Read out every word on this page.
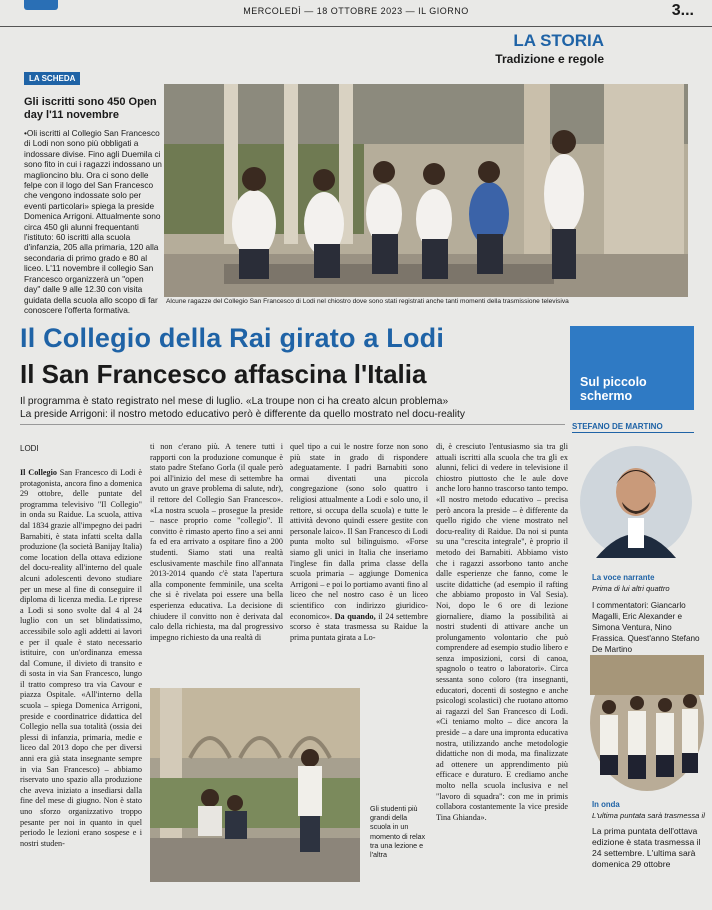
MERCOLEDÌ — 18 OTTOBRE 2023 — IL GIORNO	3...
LA STORIA
Tradizione e regole
LA SCHEDA
Gli iscritti sono 450 Open day l'11 novembre
•Oli iscritti al Collegio San Francesco di Lodi non sono più obbligati a indossare divise. Fino agli Duemila ci sono fito in cui i ragazzi indossano un maglioncino blu. Ora ci sono delle felpe con il logo del San Francesco che vengono indossate solo per eventi particolari» spiega la preside Domenica Arrigoni. Attualmente sono circa 450 gli alunni frequentanti l'istituto: 60 iscritti alla scuola d'infanzia, 205 alla primaria, 120 alla secondaria di primo grado e 80 al liceo. L'11 novembre il collegio San Francesco organizzerà un "open day" dalle 9 alle 12.30 con visita guidata della scuola allo scopo di far conoscere l'offerta formativa.
Alcune ragazze del Collegio San Francesco di Lodi nel chiostro dove sono stati registrati anche tanti momenti della trasmissione televisiva
Il Collegio della Rai girato a Lodi
Il San Francesco affascina l'Italia
Il programma è stato registrato nel mese di luglio. «La troupe non ci ha creato alcun problema»
La preside Arrigoni: il nostro metodo educativo però è differente da quello mostrato nel docu-reality
LODI
Il Collegio San Francesco di Lodi è protagonista, ancora fino a domenica 29 ottobre, delle puntate del programma televisivo "Il Collegio" in onda su Raidue. La scuola, attiva dal 1834 grazie all'impegno dei padri Barnabiti, è stata infatti scelta dalla produzione (la società Banijay Italia) come location della ottava edizione del docu-reality all'interno del quale alcuni adolescenti devono studiare per un mese al fine di conseguire il diploma di licenza media. Le riprese a Lodi si sono svolte dal 4 al 24 luglio con un set blindatissimo, accessibile solo agli addetti ai lavori e per il quale è stato necessario istituire, con un'ordinanza emessa dal Comune, il divieto di transito e di sosta in via San Francesco, lungo il tratto compreso tra via Cavour e piazza Ospitale. «All'interno della scuola – spiega Domenica Arrigoni, preside e coordinatrice didattica del Collegio nella sua totalità (ossia dei plessi di infanzia, primaria, medie e liceo dal 2013 dopo che per diversi anni era già stata insegnante sempre in via San Francesco) – abbiamo riservato uno spazio alla produzione che aveva iniziato a insediarsi dalla fine del mese di giugno. Non è stato uno sforzo organizzativo troppo pesante per noi in quanto in quel periodo le lezioni erano sospese e i nostri studen-
ti non c'erano più. A tenere tutti i rapporti con la produzione comunque è stato padre Stefano Gorla (il quale però poi all'inizio del mese di settembre ha avuto un grave problema di salute, ndr), il rettore del Collegio San Francesco». «La nostra scuola – prosegue la preside – nasce proprio come "collegio". Il convitto è rimasto aperto fino a sei anni fa ed era arrivato a ospitare fino a 200 studenti. Siamo stati una realtà esclusivamente maschile fino all'annata 2013-2014 quando c'è stata l'apertura alla componente femminile, una scelta che si è rivelata poi essere una bella esperienza educativa. La decisione di chiudere il convitto non è derivata dal calo della richiesta, ma dal progressivo impegno richiesto da una realtà di
quel tipo a cui le nostre forze non sono più state in grado di rispondere adeguatamente. I padri Barnabiti sono ormai diventati una piccola congregazione (sono solo quattro i religiosi attualmente a Lodi e solo uno, il rettore, si occupa della scuola) e tutte le attività devono quindi essere gestite con personale laico». Il San Francesco di Lodi punta molto sul bilinguismo. «Forse siamo gli unici in Italia che inseriamo l'inglese fin dalla prima classe della scuola primaria – aggiunge Domenica Arrigoni – e poi lo portiamo avanti fino al liceo che nel nostro caso è un liceo scientifico con indirizzo giuridico-economico». Da quando, il 24 settembre scorso è stata trasmessa su Raidue la prima puntata girata a Lo-
di, è cresciuto l'entusiasmo sia tra gli attuali iscritti alla scuola che tra gli ex alunni, felici di vedere in televisione il chiostro piuttosto che le aule dove anche loro hanno trascorso tanto tempo. «Il nostro metodo educativo – precisa però ancora la preside – è differente da quello rigido che viene mostrato nel docu-reality di Raidue. Da noi si punta su una "crescita integrale", è proprio il metodo dei Barnabiti. Abbiamo visto che i ragazzi assorbono tanto anche dalle esperienze che fanno, come le uscite didattiche (ad esempio il rafting che abbiamo proposto in Val Sesia). Noi, dopo le 6 ore di lezione giornaliere, diamo la possibilità ai nostri studenti di attivare anche un prolungamento volontario che può comprendere ad esempio studio libero e senza imposizioni, corsi di canoa, spagnolo o teatro o laboratori». Circa sessanta sono coloro (tra insegnanti, educatori, docenti di sostegno e anche psicologi scolastici) che ruotano attorno ai ragazzi del San Francesco di Lodi. «Ci teniamo molto – dice ancora la preside – a dare una impronta educativa nostra, utilizzando anche metodologie didattiche non di moda, ma finalizzate ad ottenere un apprendimento più efficace e duraturo. E crediamo anche molto nella scuola inclusiva e nel "lavoro di squadra": con me in primis collabora costantemente la vice preside Tina Ghianda».
Gli studenti più grandi della scuola in un momento di relax tra una lezione e l'altra
Sul piccolo schermo
STEFANO DE MARTINO
La voce narrante
Prima di lui altri quattro
I commentatori: Giancarlo Magalli, Eric Alexander e Simona Ventura, Nino Frassica. Quest'anno Stefano De Martino
In onda
L'ultima puntata sarà trasmessa il
La prima puntata dell'ottava edizione è stata trasmessa il 24 settembre. L'ultima sarà domenica 29 ottobre
